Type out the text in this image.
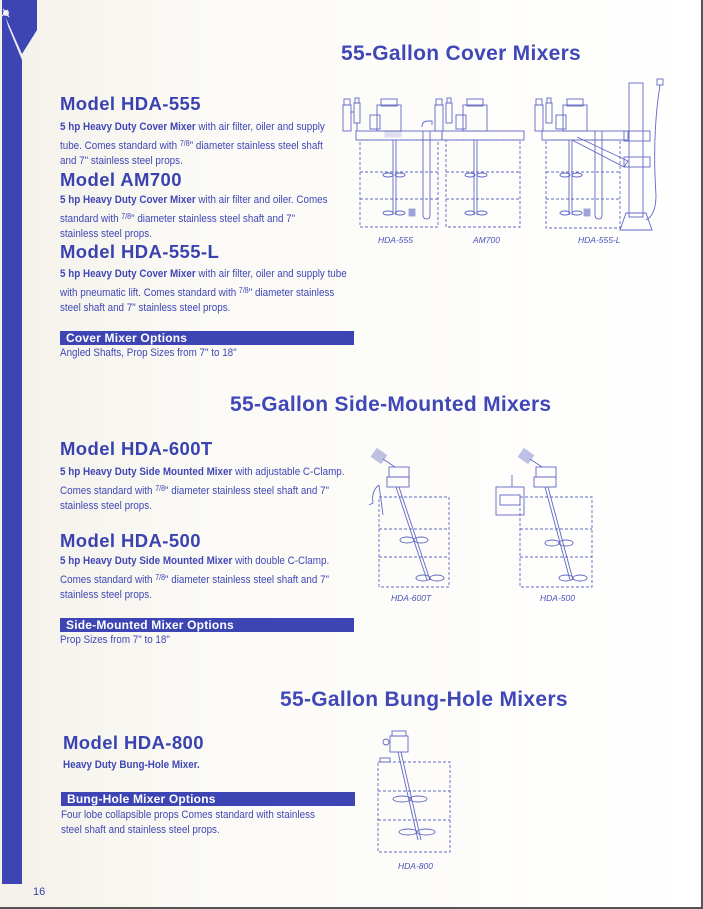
55-Gallon Cover Mixers
Model HDA-555
5 hp Heavy Duty Cover Mixer with air filter, oiler and supply tube. Comes standard with $^{7/8}$" diameter stainless steel shaft and 7" stainless steel props.
Model AM700
5 hp Heavy Duty Cover Mixer with air filter and oiler. Comes standard with $^{7/8}$" diameter stainless steel shaft and 7" stainless steel props.
Model HDA-555-L
5 hp Heavy Duty Cover Mixer with air filter, oiler and supply tube with pneumatic lift. Comes standard with $^{7/8}$" diameter stainless steel shaft and 7" stainless steel props.
Cover Mixer Options
Angled Shafts, Prop Sizes from 7" to 18"
HDA-555	AM700	HDA-555-L
55-Gallon Side-Mounted Mixers
Model HDA-600T
5 hp Heavy Duty Side Mounted Mixer with adjustable C-Clamp. Comes standard with $^{7/8}$" diameter stainless steel shaft and 7" stainless steel props.
Model HDA-500
5 hp Heavy Duty Side Mounted Mixer with double C-Clamp. Comes standard with $^{7/8}$" diameter stainless steel shaft and 7" stainless steel props.
Side-Mounted Mixer Options
Prop Sizes from 7" to 18"
HDA-600T	HDA-500
55-Gallon Bung-Hole Mixers
Model HDA-800
Heavy Duty Bung-Hole Mixer.
Bung-Hole Mixer Options
Four lobe collapsible props Comes standard with stainless
steel shaft and stainless steel props.
HDA-800
16
